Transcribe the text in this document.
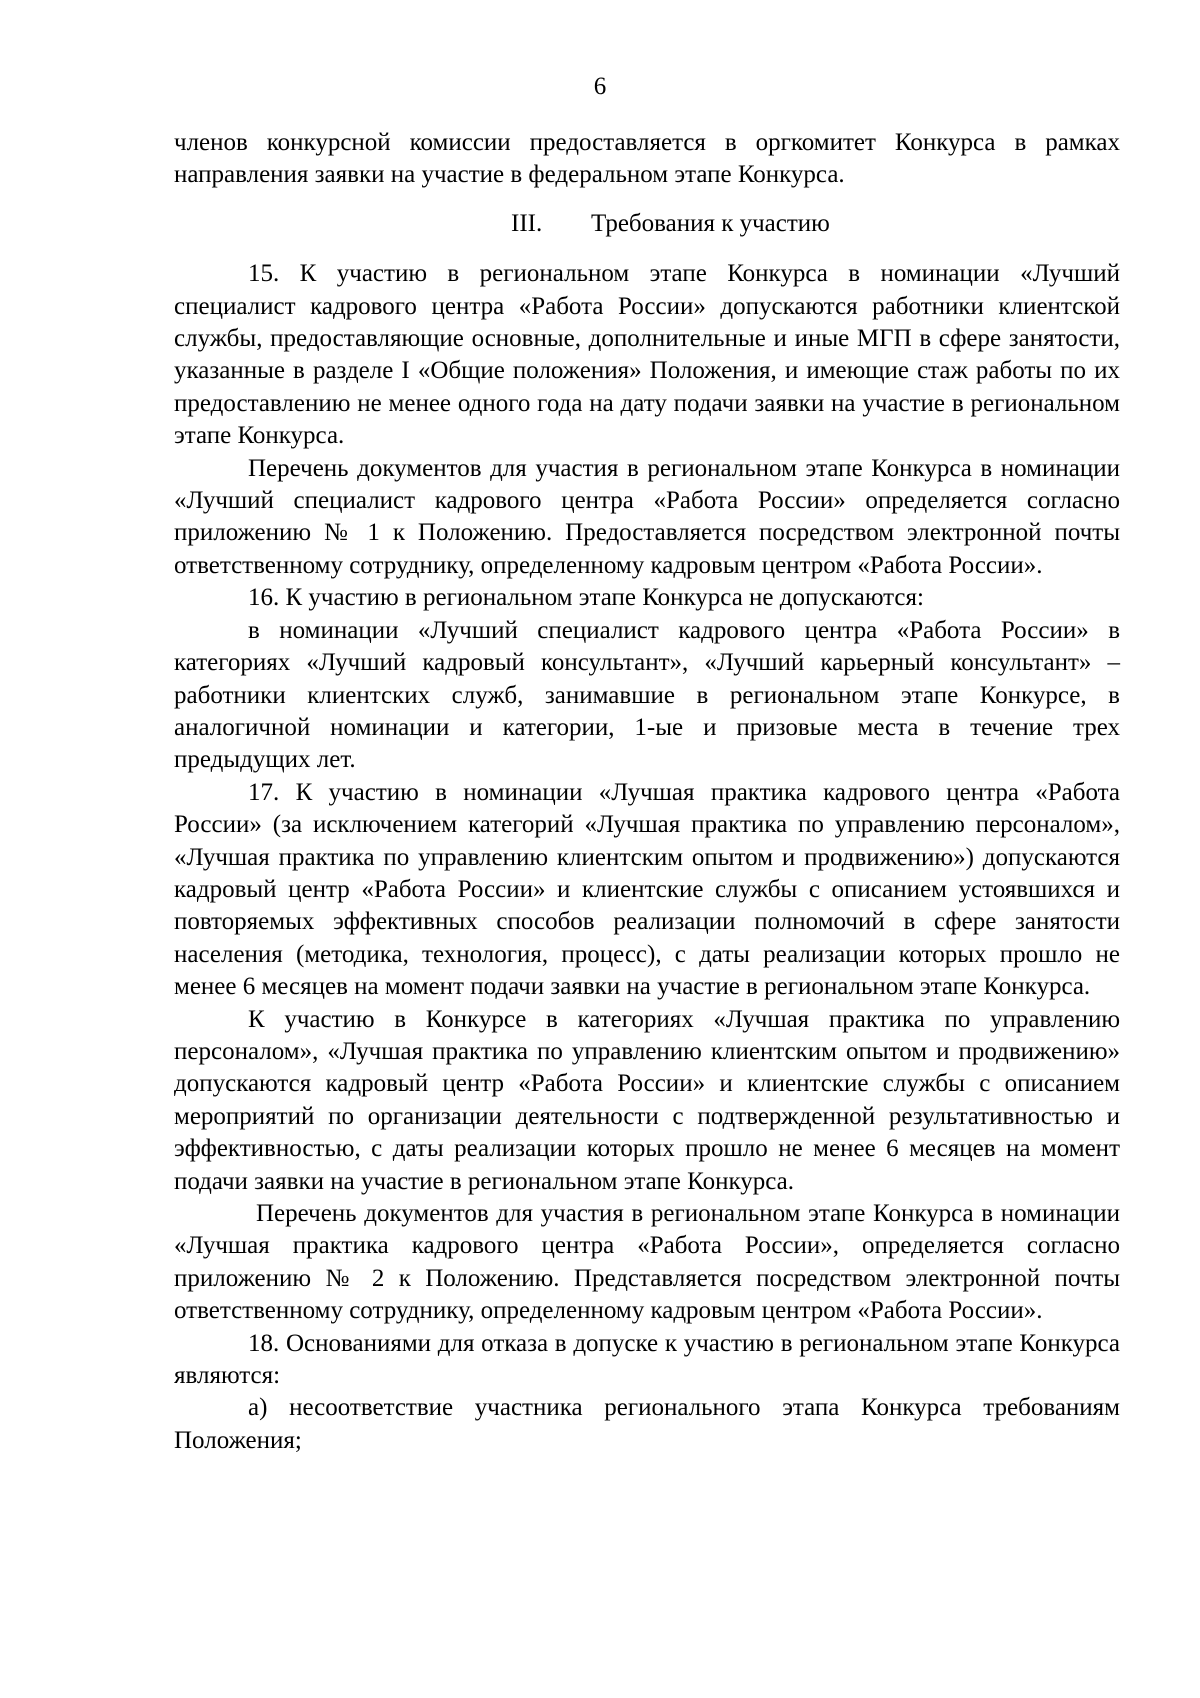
6

членов конкурсной комиссии предоставляется в оргкомитет Конкурса в рамках направления заявки на участие в федеральном этапе Конкурса.

III. Требования к участию

15. К участию в региональном этапе Конкурса в номинации «Лучший специалист кадрового центра «Работа России» допускаются работники клиентской службы, предоставляющие основные, дополнительные и иные МГП в сфере занятости, указанные в разделе I «Общие положения» Положения, и имеющие стаж работы по их предоставлению не менее одного года на дату подачи заявки на участие в региональном этапе Конкурса.

Перечень документов для участия в региональном этапе Конкурса в номинации «Лучший специалист кадрового центра «Работа России» определяется согласно приложению № 1 к Положению. Предоставляется посредством электронной почты ответственному сотруднику, определенному кадровым центром «Работа России».

16. К участию в региональном этапе Конкурса не допускаются:

в номинации «Лучший специалист кадрового центра «Работа России» в категориях «Лучший кадровый консультант», «Лучший карьерный консультант» – работники клиентских служб, занимавшие в региональном этапе Конкурсе, в аналогичной номинации и категории, 1-ые и призовые места в течение трех предыдущих лет.

17. К участию в номинации «Лучшая практика кадрового центра «Работа России» (за исключением категорий «Лучшая практика по управлению персоналом», «Лучшая практика по управлению клиентским опытом и продвижению») допускаются кадровый центр «Работа России» и клиентские службы с описанием устоявшихся и повторяемых эффективных способов реализации полномочий в сфере занятости населения (методика, технология, процесс), с даты реализации которых прошло не менее 6 месяцев на момент подачи заявки на участие в региональном этапе Конкурса.

К участию в Конкурсе в категориях «Лучшая практика по управлению персоналом», «Лучшая практика по управлению клиентским опытом и продвижению» допускаются кадровый центр «Работа России» и клиентские службы с описанием мероприятий по организации деятельности с подтвержденной результативностью и эффективностью, с даты реализации которых прошло не менее 6 месяцев на момент подачи заявки на участие в региональном этапе Конкурса.

Перечень документов для участия в региональном этапе Конкурса в номинации «Лучшая практика кадрового центра «Работа России», определяется согласно приложению № 2 к Положению. Представляется посредством электронной почты ответственному сотруднику, определенному кадровым центром «Работа России».

18. Основаниями для отказа в допуске к участию в региональном этапе Конкурса являются:

а) несоответствие участника регионального этапа Конкурса требованиям Положения;
